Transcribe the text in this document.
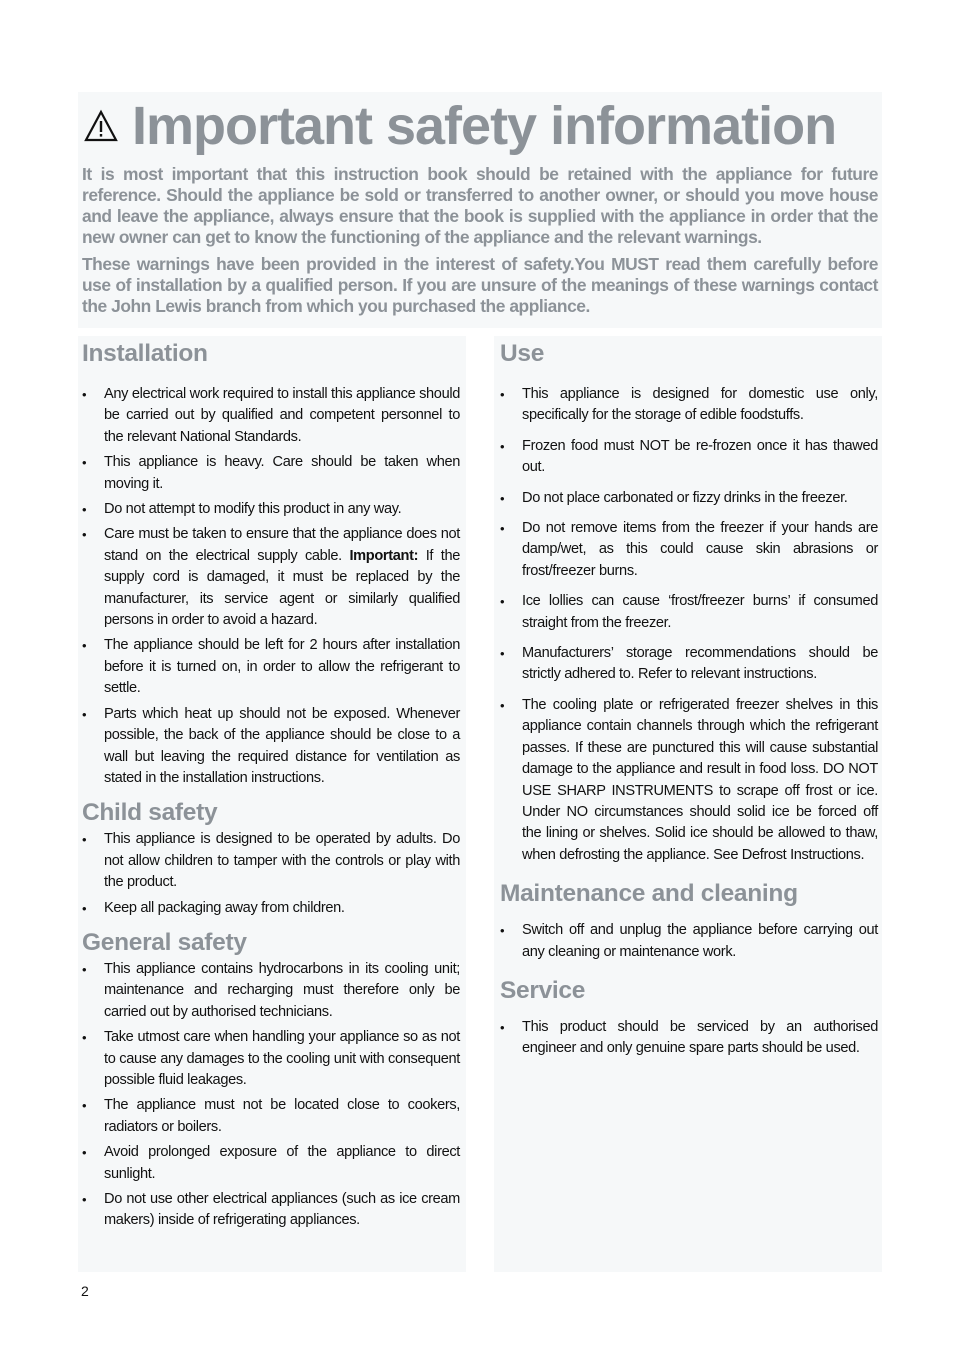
Important safety information
It is most important that this instruction book should be retained with the appliance for future reference. Should the appliance be sold or transferred to another owner, or should you move house and leave the appliance, always ensure that the book is supplied with the appliance in order that the new owner can get to know the functioning of the appliance and the relevant warnings.
These warnings have been provided in the interest of safety.You MUST read them carefully before use of installation by a qualified person. If you are unsure of the meanings of these warnings contact the John Lewis branch from which you purchased the appliance.
Installation
• Any electrical work required to install this appliance should be carried out by qualified and competent personnel to the relevant National Standards.
• This appliance is heavy. Care should be taken when moving it.
• Do not attempt to modify this product in any way.
• Care must be taken to ensure that the appliance does not stand on the electrical supply cable. Important: If the supply cord is damaged, it must be replaced by the manufacturer, its service agent or similarly qualified persons in order to avoid a hazard.
• The appliance should be left for 2 hours after installation before it is turned on, in order to allow the refrigerant to settle.
• Parts which heat up should not be exposed. Whenever possible, the back of the appliance should be close to a wall but leaving the required distance for ventilation as stated in the installation instructions.
Child safety
• This appliance is designed to be operated by adults. Do not allow children to tamper with the controls or play with the product.
• Keep all packaging away from children.
General safety
• This appliance contains hydrocarbons in its cooling unit; maintenance and recharging must therefore only be carried out by authorised technicians.
• Take utmost care when handling your appliance so as not to cause any damages to the cooling unit with consequent possible fluid leakages.
• The appliance must not be located close to cookers, radiators or boilers.
• Avoid prolonged exposure of the appliance to direct sunlight.
• Do not use other electrical appliances (such as ice cream makers) inside of refrigerating appliances.
Use
• This appliance is designed for domestic use only, specifically for the storage of edible foodstuffs.
• Frozen food must NOT be re-frozen once it has thawed out.
• Do not place carbonated or fizzy drinks in the freezer.
• Do not remove items from the freezer if your hands are damp/wet, as this could cause skin abrasions or frost/freezer burns.
• Ice lollies can cause ‘frost/freezer burns’ if consumed straight from the freezer.
• Manufacturers’ storage recommendations should be strictly adhered to. Refer to relevant instructions.
• The cooling plate or refrigerated freezer shelves in this appliance contain channels through which the refrigerant passes. If these are punctured this will cause substantial damage to the appliance and result in food loss. DO NOT USE SHARP INSTRUMENTS to scrape off frost or ice. Under NO circumstances should solid ice be forced off the lining or shelves. Solid ice should be allowed to thaw, when defrosting the appliance. See Defrost Instructions.
Maintenance and cleaning
• Switch off and unplug the appliance before carrying out any cleaning or maintenance work.
Service
• This product should be serviced by an authorised engineer and only genuine spare parts should be used.
2
